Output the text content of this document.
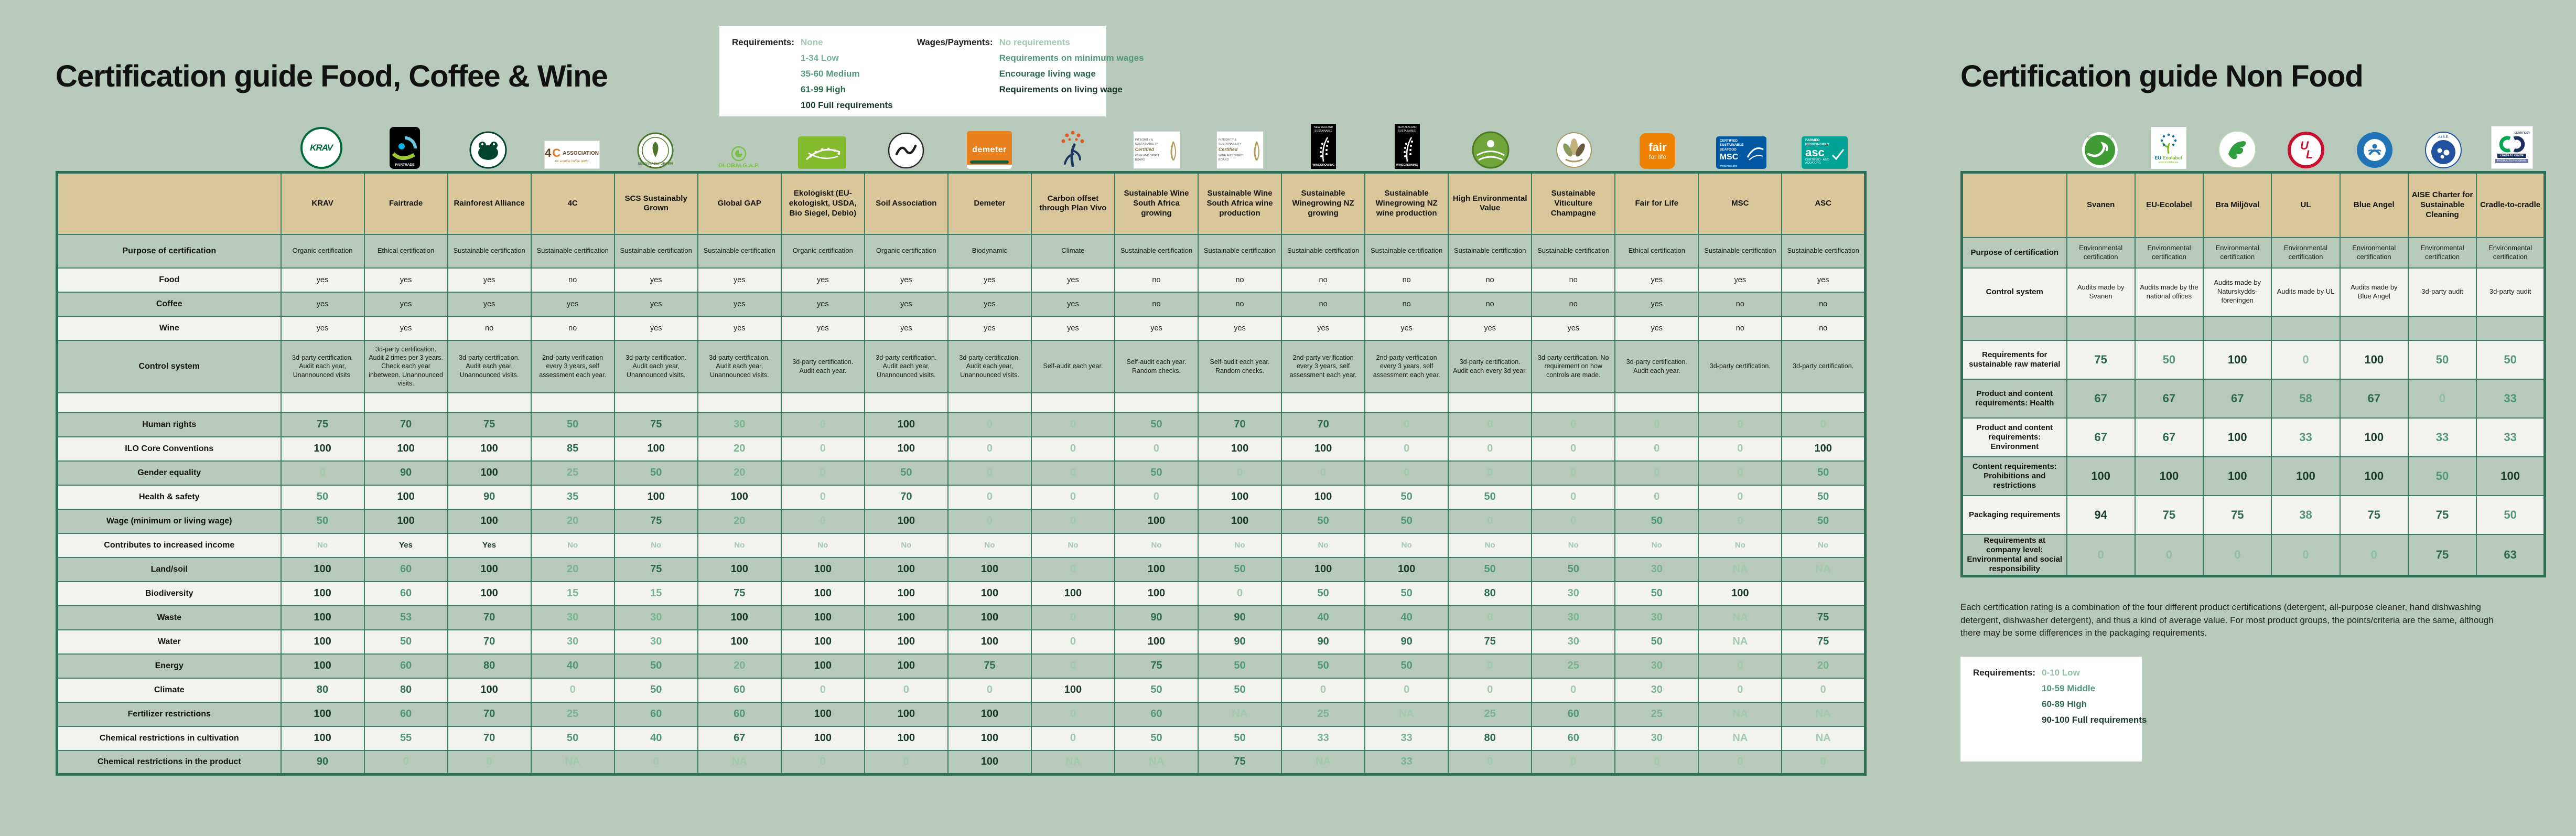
Certification guide Food, Coffee & Wine	Certification guide Non Food
Requirements: None
1-34 Low
35-60 Medium
61-99 High
100 Full requirements
Wages/Payments: No requirements
Requirements on minimum wages
Encourage living wage
Requirements on living wage
KRAV
FAIRTRADE
4 C ASSOCIATION
for a better coffee world
SUSTAINABLY GROWN	GLOBALG.A.P.
demeter
INTEGRITY &
SUSTAINABILITY
Certified
WINE AND SPIRIT BOARD
INTEGRITY &
SUSTAINABILITY
Certified
WINE AND SPIRIT BOARD
NEW ZEALAND SUSTAINABLE
WINEGROWING
NEW ZEALAND SUSTAINABLE
WINEGROWING
fair
for life
CERTIFIED
SUSTAINABLE
SEAFOOD
MSC
www.msc.org
FARMED
RESPONSIBLY
asc
CERTIFIED · ASC-AQUA.ORG
	KRAV	Fairtrade	Rainforest Alliance	4C	SCS Sustainably Grown	Global GAP	Ekologiskt (EU-ekologiskt, USDA, Bio Siegel, Debio)	Soil Association	Demeter	Carbon offset through Plan Vivo	Sustainable Wine South Africa growing	Sustainable Wine South Africa wine production	Sustainable Winegrowing NZ growing	Sustainable Winegrowing NZ wine production	High Environmental Value	Sustainable Viticulture Champagne	Fair for Life	MSC	ASC
Purpose of certification	Organic certification	Ethical certification	Sustainable certification	Sustainable certification	Sustainable certification	Sustainable certification	Organic certification	Organic certification	Biodynamic	Climate	Sustainable certification	Sustainable certification	Sustainable certification	Sustainable certification	Sustainable certification	Sustainable certification	Ethical certification	Sustainable certification	Sustainable certification
Food	yes	yes	yes	no	yes	yes	yes	yes	yes	yes	no	no	no	no	no	no	yes	yes	yes
Coffee	yes	yes	yes	yes	yes	yes	yes	yes	yes	yes	no	no	no	no	no	no	yes	no	no
Wine	yes	yes	no	no	yes	yes	yes	yes	yes	yes	yes	yes	yes	yes	yes	yes	yes	no	no
Control system	3d-party certification. Audit each year, Unannounced visits.	3d-party certification. Audit 2 times per 3 years. Check each year inbetween. Unannounced visits.	3d-party certification. Audit each year, Unannounced visits.	2nd-party verification every 3 years, self assessment each year.	3d-party certification. Audit each year, Unannounced visits.	3d-party certification. Audit each year, Unannounced visits.	3d-party certification. Audit each year.	3d-party certification. Audit each year, Unannounced visits.	3d-party certification. Audit each year, Unannounced visits.	Self-audit each year.	Self-audit each year. Random checks.	Self-audit each year. Random checks.	2nd-party verification every 3 years, self assessment each year.	2nd-party verification every 3 years, self assessment each year.	3d-party certification. Audit each every 3d year.	3d-party certification. No requirement on how controls are made.	3d-party certification. Audit each year.	3d-party certification.	3d-party certification.

Human rights	75	70	75	50	75	30	0	100	0	0	50	70	70	0	0	0	0	0	0
ILO Core Conventions	100	100	100	85	100	20	0	100	0	0	0	100	100	0	0	0	0	0	100
Gender equality	0	90	100	25	50	20	0	50	0	0	50	0	0	0	0	0	0	0	50
Health & safety	50	100	90	35	100	100	0	70	0	0	0	100	100	50	50	0	0	0	50
Wage (minimum or living wage)	50	100	100	20	75	20	0	100	0	0	100	100	50	50	0	0	50	0	50
Contributes to increased income	No	Yes	Yes	No	No	No	No	No	No	No	No	No	No	No	No	No	No	No	No
Land/soil	100	60	100	20	75	100	100	100	100	0	100	50	100	100	50	50	30	NA	NA
Biodiversity	100	60	100	15	15	75	100	100	100	100	100	0	50	50	80	30	50	100	
Waste	100	53	70	30	30	100	100	100	100	0	90	90	40	40	0	30	30	NA	75
Water	100	50	70	30	30	100	100	100	100	0	100	90	90	90	75	30	50	NA	75
Energy	100	60	80	40	50	20	100	100	75	0	75	50	50	50	0	25	30	0	20
Climate	80	80	100	0	50	60	0	0	0	100	50	50	0	0	0	0	30	0	0
Fertilizer restrictions	100	60	70	25	60	60	100	100	100	0	60	NA	25	NA	25	60	25	NA	NA
Chemical restrictions in cultivation	100	55	70	50	40	67	100	100	100	0	50	50	33	33	80	60	30	NA	NA
Chemical restrictions in the product	90	0	0	NA	0	NA	0	0	100	NA	NA	75	NA	33	0	0	0	0	0
SVANENMÄRKET
EU Ecolabel
www.ecolabel.eu
U
L
A.I.S.E.
CERTIFIED®
cradle to cradle
PRODUCTS PROGRAM
	Svanen	EU-Ecolabel	Bra Miljöval	UL	Blue Angel	AISE Charter for Sustainable Cleaning	Cradle-to-cradle
Purpose of certification	Environmental certification	Environmental certification	Environmental certification	Environmental certification	Environmental certification	Environmental certification	Environmental certification
Control system	Audits made by Svanen	Audits made by the national offices	Audits made by Naturskydds-föreningen	Audits made by UL	Audits made by Blue Angel	3d-party audit	3d-party audit

Requirements for sustainable raw material	75	50	100	0	100	50	50
Product and content requirements: Health	67	67	67	58	67	0	33
Product and content requirements: Environment	67	67	100	33	100	33	33
Content requirements: Prohibitions and restrictions	100	100	100	100	100	50	100
Packaging requirements	94	75	75	38	75	75	50
Requirements at company level: Environmental and social responsibility	0	0	0	0	0	75	63
Each certification rating is a combination of the four different product certifications (detergent, all-purpose cleaner, hand dishwashing detergent, dishwasher detergent), and thus a kind of average value. For most product groups, the points/criteria are the same, although there may be some differences in the packaging requirements.
Requirements: 0-10 Low
10-59 Middle
60-89 High
90-100 Full requirements
